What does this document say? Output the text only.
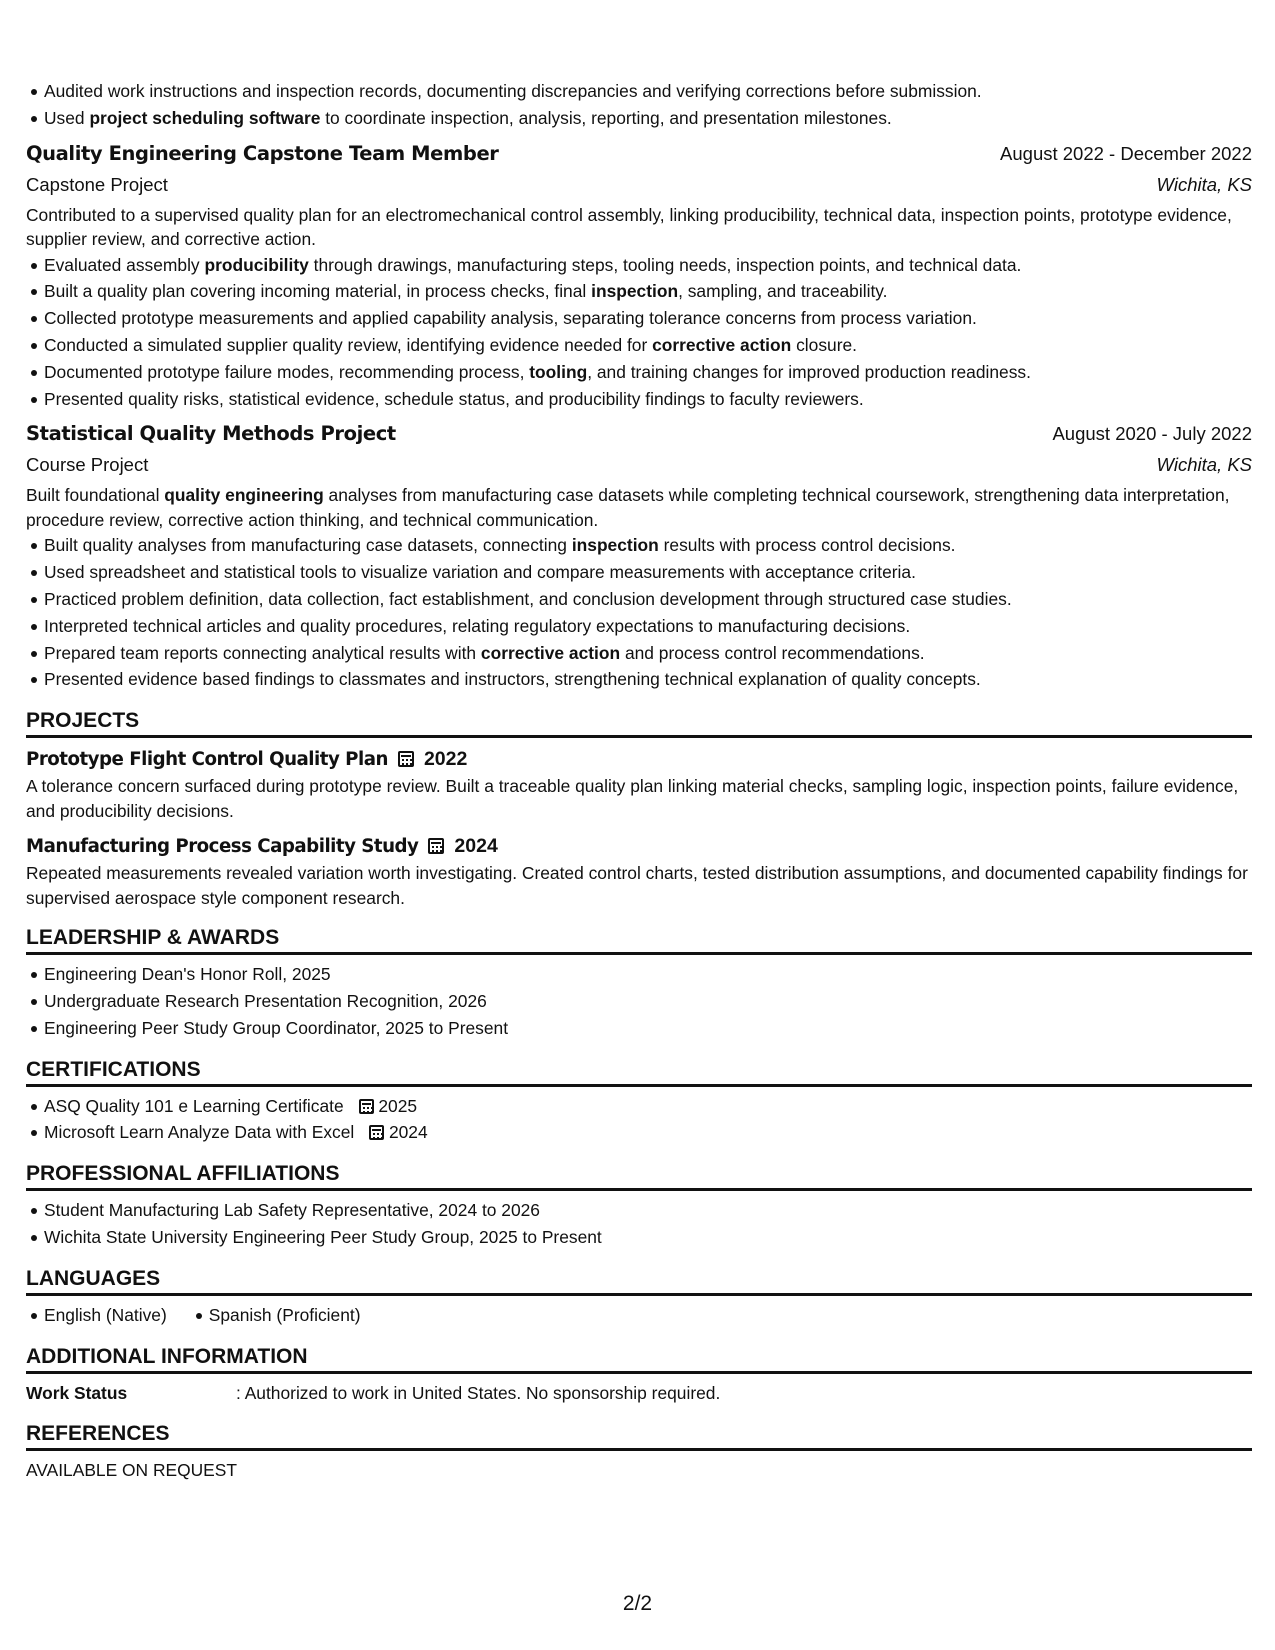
Audited work instructions and inspection records, documenting discrepancies and verifying corrections before submission.
Used project scheduling software to coordinate inspection, analysis, reporting, and presentation milestones.
Quality Engineering Capstone Team Member	August 2022 - December 2022
Capstone Project	Wichita, KS
Contributed to a supervised quality plan for an electromechanical control assembly, linking producibility, technical data, inspection points, prototype evidence, supplier review, and corrective action.
Evaluated assembly producibility through drawings, manufacturing steps, tooling needs, inspection points, and technical data.
Built a quality plan covering incoming material, in process checks, final inspection, sampling, and traceability.
Collected prototype measurements and applied capability analysis, separating tolerance concerns from process variation.
Conducted a simulated supplier quality review, identifying evidence needed for corrective action closure.
Documented prototype failure modes, recommending process, tooling, and training changes for improved production readiness.
Presented quality risks, statistical evidence, schedule status, and producibility findings to faculty reviewers.
Statistical Quality Methods Project	August 2020 - July 2022
Course Project	Wichita, KS
Built foundational quality engineering analyses from manufacturing case datasets while completing technical coursework, strengthening data interpretation, procedure review, corrective action thinking, and technical communication.
Built quality analyses from manufacturing case datasets, connecting inspection results with process control decisions.
Used spreadsheet and statistical tools to visualize variation and compare measurements with acceptance criteria.
Practiced problem definition, data collection, fact establishment, and conclusion development through structured case studies.
Interpreted technical articles and quality procedures, relating regulatory expectations to manufacturing decisions.
Prepared team reports connecting analytical results with corrective action and process control recommendations.
Presented evidence based findings to classmates and instructors, strengthening technical explanation of quality concepts.
PROJECTS
Prototype Flight Control Quality Plan 2022
A tolerance concern surfaced during prototype review. Built a traceable quality plan linking material checks, sampling logic, inspection points, failure evidence, and producibility decisions.
Manufacturing Process Capability Study 2024
Repeated measurements revealed variation worth investigating. Created control charts, tested distribution assumptions, and documented capability findings for supervised aerospace style component research.
LEADERSHIP & AWARDS
Engineering Dean's Honor Roll, 2025
Undergraduate Research Presentation Recognition, 2026
Engineering Peer Study Group Coordinator, 2025 to Present
CERTIFICATIONS
ASQ Quality 101 e Learning Certificate 2025
Microsoft Learn Analyze Data with Excel 2024
PROFESSIONAL AFFILIATIONS
Student Manufacturing Lab Safety Representative, 2024 to 2026
Wichita State University Engineering Peer Study Group, 2025 to Present
LANGUAGES
English (Native)	Spanish (Proficient)
ADDITIONAL INFORMATION
Work Status	: Authorized to work in United States. No sponsorship required.
REFERENCES
AVAILABLE ON REQUEST
2/2
